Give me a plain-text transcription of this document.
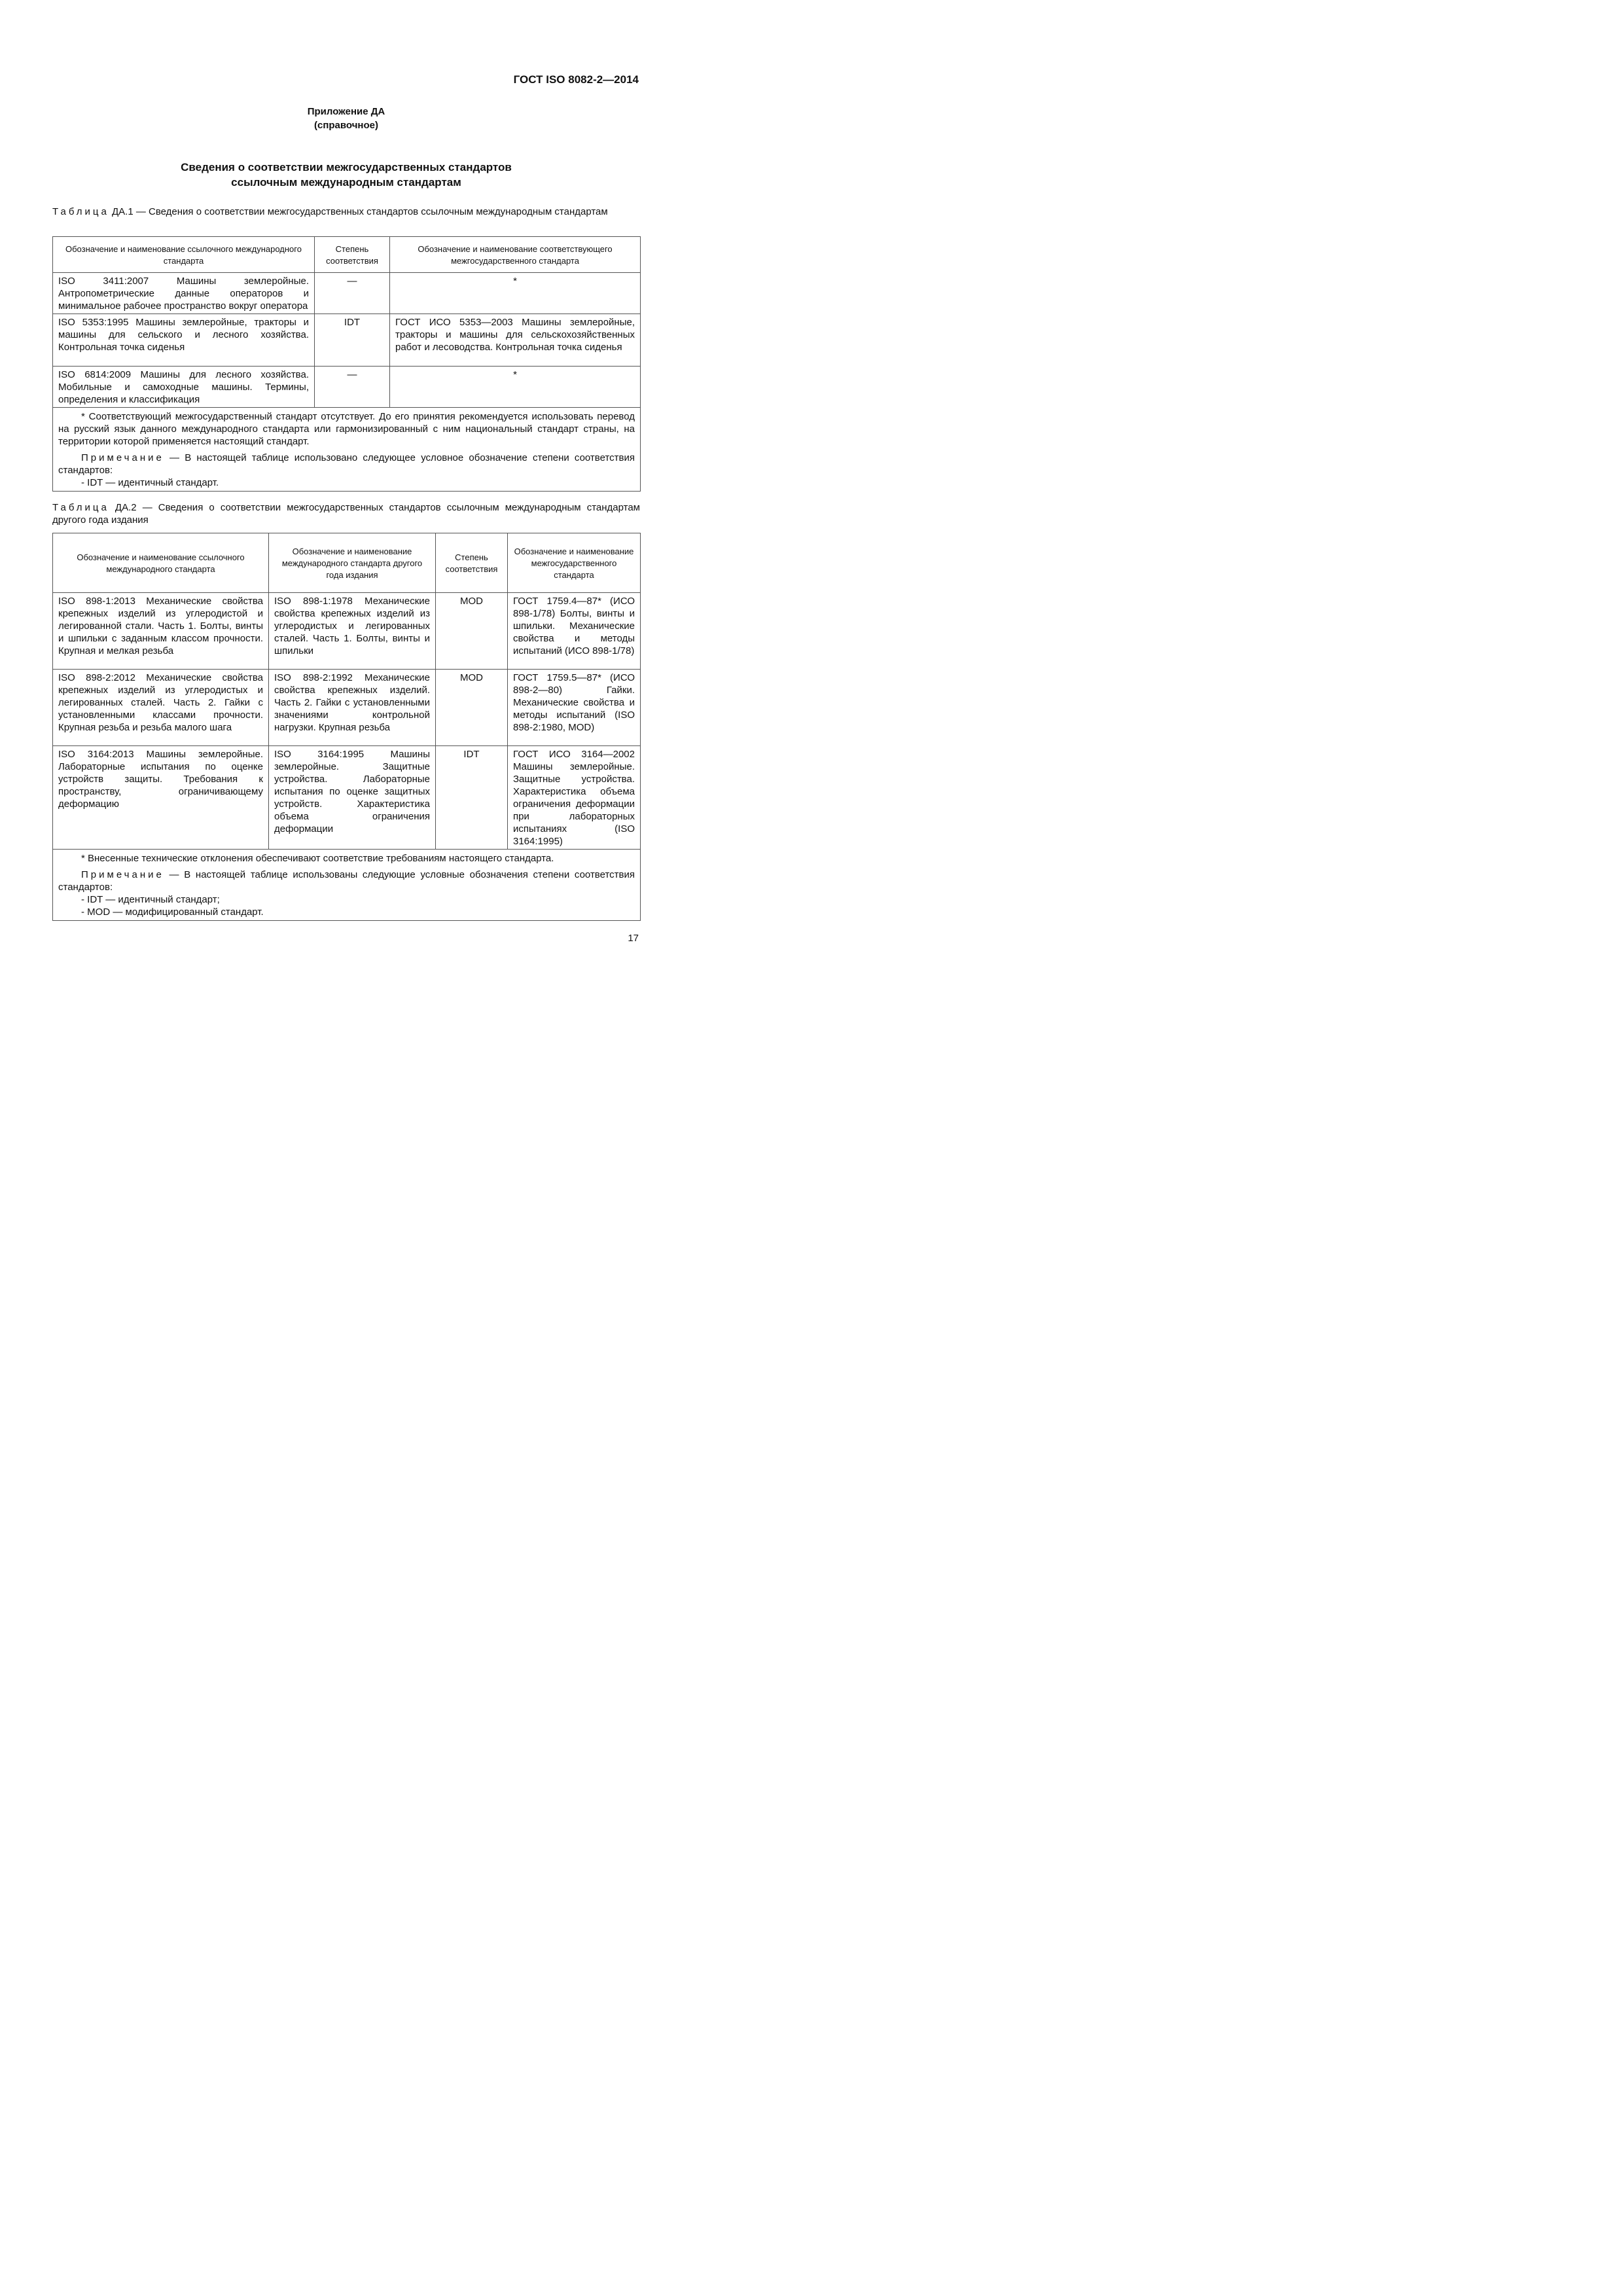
ГОСТ ISO 8082-2—2014
Приложение ДА
(справочное)
Сведения о соответствии межгосударственных стандартов
ссылочным международным стандартам
Таблица ДА.1 — Сведения о соответствии межгосударственных стандартов ссылочным международным стандартам
Обозначение и наименование ссылочного международного стандарта	Степень соответствия	Обозначение и наименование соответствующего межгосударственного стандарта
ISO 3411:2007 Машины землеройные. Антропометрические данные операторов и минимальное рабочее пространство вокруг оператора	—	*
ISO 5353:1995 Машины землеройные, тракторы и машины для сельского и лесного хозяйства. Контрольная точка сиденья	IDT	ГОСТ ИСО 5353—2003 Машины землеройные, тракторы и машины для сельскохозяйственных работ и лесоводства. Контрольная точка сиденья
ISO 6814:2009 Машины для лесного хозяйства. Мобильные и самоходные машины. Термины, определения и классификация	—	*

* Соответствующий межгосударственный стандарт отсутствует. До его принятия рекомендуется использовать перевод на русский язык данного международного стандарта или гармонизированный с ним национальный стандарт страны, на территории которой применяется настоящий стандарт.

Примечание — В настоящей таблице использовано следующее условное обозначение степени соответствия стандартов:

- IDT — идентичный стандарт.		

Таблица ДА.2 — Сведения о соответствии межгосударственных стандартов ссылочным международным стандартам другого года издания
Обозначение и наименование ссылочного международного стандарта	Обозначение и наименование международного стандарта другого года издания	Степень соответствия	Обозначение и наименование межгосударственного стандарта
ISO 898-1:2013 Механические свойства крепежных изделий из углеродистой и легированной стали. Часть 1. Болты, винты и шпильки с заданным классом прочности. Крупная и мелкая резьба	ISO 898-1:1978 Механические свойства крепежных изделий из углеродистых и легированных сталей. Часть 1. Болты, винты и шпильки	MOD	ГОСТ 1759.4—87* (ИСО 898-1/78) Болты, винты и шпильки. Механические свойства и методы испытаний (ИСО 898-1/78)
ISO 898-2:2012 Механические свойства крепежных изделий из углеродистых и легированных сталей. Часть 2. Гайки с установленными классами прочности. Крупная резьба и резьба малого шага	ISO 898-2:1992 Механические свойства крепежных изделий. Часть 2. Гайки с установленными значениями контрольной нагрузки. Крупная резьба	MOD	ГОСТ 1759.5—87* (ИСО 898-2—80) Гайки. Механические свойства и методы испытаний (ISO 898-2:1980, MOD)
ISO 3164:2013 Машины землеройные. Лабораторные испытания по оценке устройств защиты. Требования к пространству, ограничивающему деформацию	ISO 3164:1995 Машины землеройные. Защитные устройства. Лабораторные испытания по оценке защитных устройств. Характеристика объема ограничения деформации	IDT	ГОСТ ИСО 3164—2002 Машины землеройные. Защитные устройства. Характеристика объема ограничения деформации при лабораторных испытаниях (ISO 3164:1995)

* Внесенные технические отклонения обеспечивают соответствие требованиям настоящего стандарта.

Примечание — В настоящей таблице использованы следующие условные обозначения степени соответствия стандартов:

- IDT — идентичный стандарт;

- MOD — модифицированный стандарт.			

17
